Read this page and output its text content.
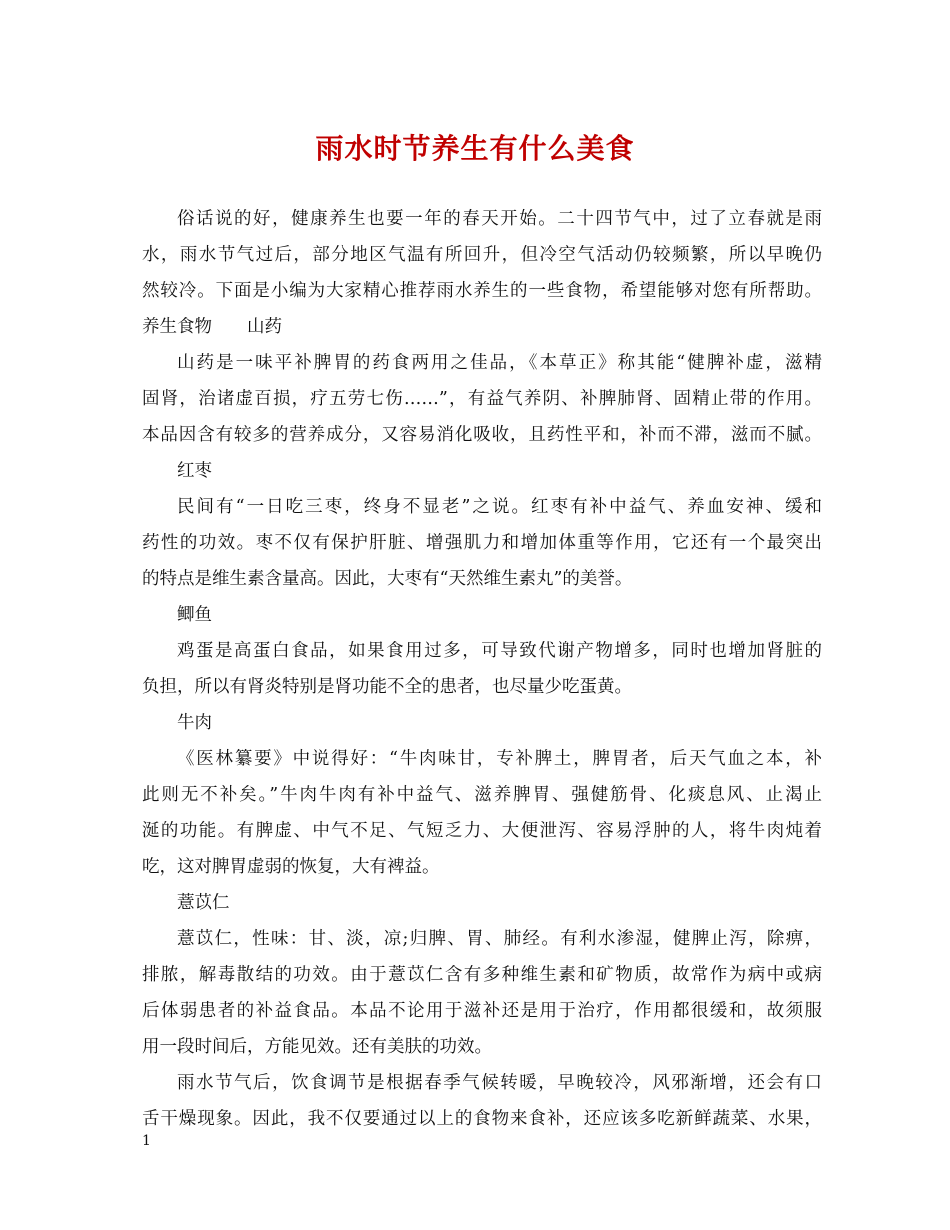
雨水时节养生有什么美食
俗话说的好，健康养生也要一年的春天开始。二十四节气中，过了立春就是雨
水，雨水节气过后，部分地区气温有所回升，但冷空气活动仍较频繁，所以早晚仍
然较冷。下面是小编为大家精心推荐雨水养生的一些食物，希望能够对您有所帮助。
养生食物　　山药
山药是一味平补脾胃的药食两用之佳品，《本草正》称其能“健脾补虚，滋精
固肾，治诸虚百损，疗五劳七伤……”，有益气养阴、补脾肺肾、固精止带的作用。
本品因含有较多的营养成分，又容易消化吸收，且药性平和，补而不滞，滋而不腻。
红枣
民间有“一日吃三枣，终身不显老”之说。红枣有补中益气、养血安神、缓和
药性的功效。枣不仅有保护肝脏、增强肌力和增加体重等作用，它还有一个最突出
的特点是维生素含量高。因此，大枣有“天然维生素丸”的美誉。
鲫鱼
鸡蛋是高蛋白食品，如果食用过多，可导致代谢产物增多，同时也增加肾脏的
负担，所以有肾炎特别是肾功能不全的患者，也尽量少吃蛋黄。
牛肉
《医林纂要》中说得好：“牛肉味甘，专补脾土，脾胃者，后天气血之本，补
此则无不补矣。”牛肉牛肉有补中益气、滋养脾胃、强健筋骨、化痰息风、止渴止
涎的功能。有脾虚、中气不足、气短乏力、大便泄泻、容易浮肿的人，将牛肉炖着
吃，这对脾胃虚弱的恢复，大有裨益。
薏苡仁
薏苡仁，性味：甘、淡，凉;归脾、胃、肺经。有利水渗湿，健脾止泻，除痹，
排脓，解毒散结的功效。由于薏苡仁含有多种维生素和矿物质，故常作为病中或病
后体弱患者的补益食品。本品不论用于滋补还是用于治疗，作用都很缓和，故须服
用一段时间后，方能见效。还有美肤的功效。
雨水节气后，饮食调节是根据春季气候转暖，早晚较冷，风邪渐增，还会有口
舌干燥现象。因此，我不仅要通过以上的食物来食补，还应该多吃新鲜蔬菜、水果，
1
